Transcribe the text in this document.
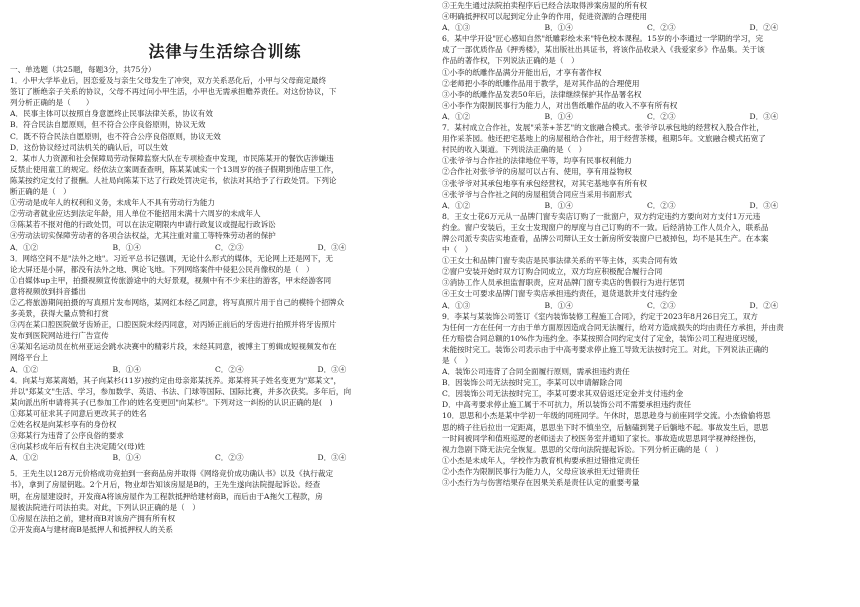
法律与生活综合训练
一、单选题（共25题，每题3分，共75分）
1．小甲大学毕业后，因恋爱及与亲生父母发生了冲突，双方关系恶化后，小甲与父母商定最终
签订了断绝亲子关系的协议，父母不再过问小甲生活，小甲也无需承担赡养责任。对这份协议，下
列分析正确的是（　　）
A．民事主体可以按照自身意愿终止民事法律关系，协议有效
B．符合民法自愿原则，但不符合公序良俗原则，协议无效
C．既不符合民法自愿原则，也不符合公序良俗原则，协议无效
D．这份协议经过司法机关的确认后，可以生效
2．某市人力资源和社会保障局劳动保障监察大队在专项检查中发现，市民陈某开的餐饮店涉嫌违
反禁止使用童工的规定。经依法立案调查查明，陈某某诚实一个13周岁的孩子假期到他店里工作，
陈某按约定支付了报酬。人社局向陈某下达了行政处罚决定书，依法对其给予了行政处罚。下列论
断正确的是（　）
①劳动是成年人的权利和义务，未成年人不具有劳动行为能力
②劳动者就业应达到法定年龄，用人单位不能招用未满十六周岁的未成年人
③陈某若不报对他的行政处罚，可以在法定期限内申请行政复议或提起行政诉讼
④劳动法切实保障劳动者的各项合法权益，尤其注重对童工等特殊劳动者的保护
A．①②	B．①④	C．②③	D．③④
3．网络空间不是"法外之地"。习近平总书记强调，无论什么形式的媒体，无论网上还是网下，无
论大屏还是小屏，都没有法外之地、舆论飞地。下列网络案件中侵犯公民肖像权的是（　）
①自媒体up主甲，拍摄视频宣传旅游途中的大好景观，视频中有不少来往的游客，甲未经游客同
意将视频放到抖音播出
②乙将旅游期间拍摄的写真照片发布网络，某网红本经乙同意，将写真照片用于自己的模特个招牌众
多美景，获得大量点赞和打赏
③丙在某口腔医院做牙齿矫正，口腔医院未经丙同意，对丙矫正前后的牙齿进行拍照并将牙齿照片
发布到医院网站进行广告宣传
④某知名运动员在杭州亚运会跳水决赛中的精彩片段，未经其同意，被博主丁剪辑成短视频发布在
网络平台上
A．①②	B．①④	C．②④	D．③④
4．向某与郑某离婚，其子向某杉(11岁)按约定由母亲郑某抚养。郑某将其子姓名变更为"郑某文"，
并以"郑某文"生活、学习，参加数学、英语、书法、门球等国际、国际比赛，并多次获奖。多年后，向
某向派出所申请将其子(已参加工作)的姓名变更回"向某杉"。下列对这一纠纷的认识正确的是(　)
①郑某可征求其子同意后更改其子的姓名
②姓名权是向某杉享有的身份权
③郑某行为违背了公序良俗的要求
④向某杉成年后有权自主决定随父(母)姓
A．①②	B．①④	C．②③	D．③④
5．王先生以128万元价格成功竞拍到一套商品房并取得《网络竞价成功确认书》以及《执行裁定
书》，拿到了房屋钥匙。2个月后，物业却告知该房屋是B的，王先生遂向法院提起诉讼。经查
明，在房屋建设时，开发商A将该房屋作为工程款抵押给建材商B，而后由于A拖欠工程款，房
屋被法院进行司法拍卖。对此，下列认识正确的是（　）
①房屋在法拍之前，建材商B对该房产拥有所有权
②开发商A与建材商B是抵押人和抵押权人的关系
③王先生通过法院拍卖程序后已经合法取得涉案房屋的所有权
④明确抵押权可以起到定分止争的作用，促进资源的合理使用
A．①③	B．①④	C．②③	D．②④
6．某中学开设"匠心感知自然"纸雕彩绘未来"特色校本课程。15岁的小李通过一学期的学习，完
成了一部优质作品《押秀楼》，某出版社出具证书，将该作品收录入《我爱家乡》作品集。关于该
作品的著作权，下列说法正确的是（　）
①小李的纸雕作品满分开能出后，才享有著作权
②老师把小李的纸雕作品用于教学，是对其作品的合理使用
③小李的纸雕作品发表50年后，法律继续保护其作品署名权
④小李作为限制民事行为能力人，对出售纸雕作品的收入不享有所有权
A．①②	B．①④	C．②③	D．③④
7．某村成立合作社，发展"采茶+茶艺"的文旅融合模式。张爷爷以承包地的经营权入股合作社，
用作采茶园。他还把宅基地上的房屋租给合作社，用于经营茶楼，租期5年。文旅融合模式拓宽了
村民的收入渠道。下列说法正确的是（　）
①张爷爷与合作社的法律地位平等，均享有民事权利能力
②合作社对张爷爷的房屋可以占有、使用，享有用益物权
③张爷爷对其承包地享有承包经营权，对其宅基地享有所有权
④张爷爷与合作社之间的房屋租赁合同应当采用书面形式
A．①②	B．①④	C．②③	D．③④
8．王女士花6万元从一品牌门窗专卖店订购了一批窗户，双方约定违约方要向对方支付1万元违
约金。窗户安装后，王女士发现窗户的厚度与自己订购的不一致。后经消协工作人员介入，联系品
牌公司派专卖店实地查看，品牌公司辩认王女士新房所安装窗户已被掉包，均不是其生产。在本案
中（　）
①王女士和品牌门窗专卖店是民事法律关系的平等主体，买卖合同有效
②窗户安装开始时双方订购合同成立，双方均应积极配合履行合同
③消协工作人员承担监督职责，应对品牌门窗专卖店的售假行为进行惩罚
④王女士可要求品牌门窗专卖店承担违约责任，退货退款并支付违约金
A．①③	B．①④	C．②③	D．②④
9．李某与某装饰公司签订《室内装饰装修工程施工合同》，约定于2023年8月26日完工，双方
为任何一方在任何一方由于单方面原因造成合同无法履行，给对方造成损失的均由责任方承担，并由责
任方赔偿合同总额的10%作为违约金。李某按照合同约定支付了定金，装饰公司工程进度迟缓，
未能按时完工。装饰公司表示由于中高考要求停止施工导致无法按时完工。对此，下列说法正确的
是（　）
A．装饰公司违背了合同全面履行原则，需承担违约责任
B．因装饰公司无法按时完工，李某可以申请解除合同
C．因装饰公司无法按时完工，李某可要求其双倍返还定金并支付违约金
D．中高考要求停止施工属于不可抗力，所以装饰公司不需要承担违约责任
10．思思和小杰是某中学初一年级的同班同学。午休时，思思趁身与前座同学交流。小杰偷偷将思
思的椅子往后拉出一定距离，思思坐下时不慎坐空，后脑磕到凳子后躺地不起。事故发生后，思思
一时间被同学和值班巡逻的老师送去了校医务室并通知了家长。事故造成思思同学视神经挫伤，
视力急剧下降无法完全恢复。思思的父母向法院提起诉讼。下列分析正确的是（　）
①小杰是未成年人，学校作为教育机构要承担过错推定责任
②小杰作为限制民事行为能力人，父母应该承担无过错责任
③小杰行为与伤害结果存在因果关系是责任认定的重要考量
